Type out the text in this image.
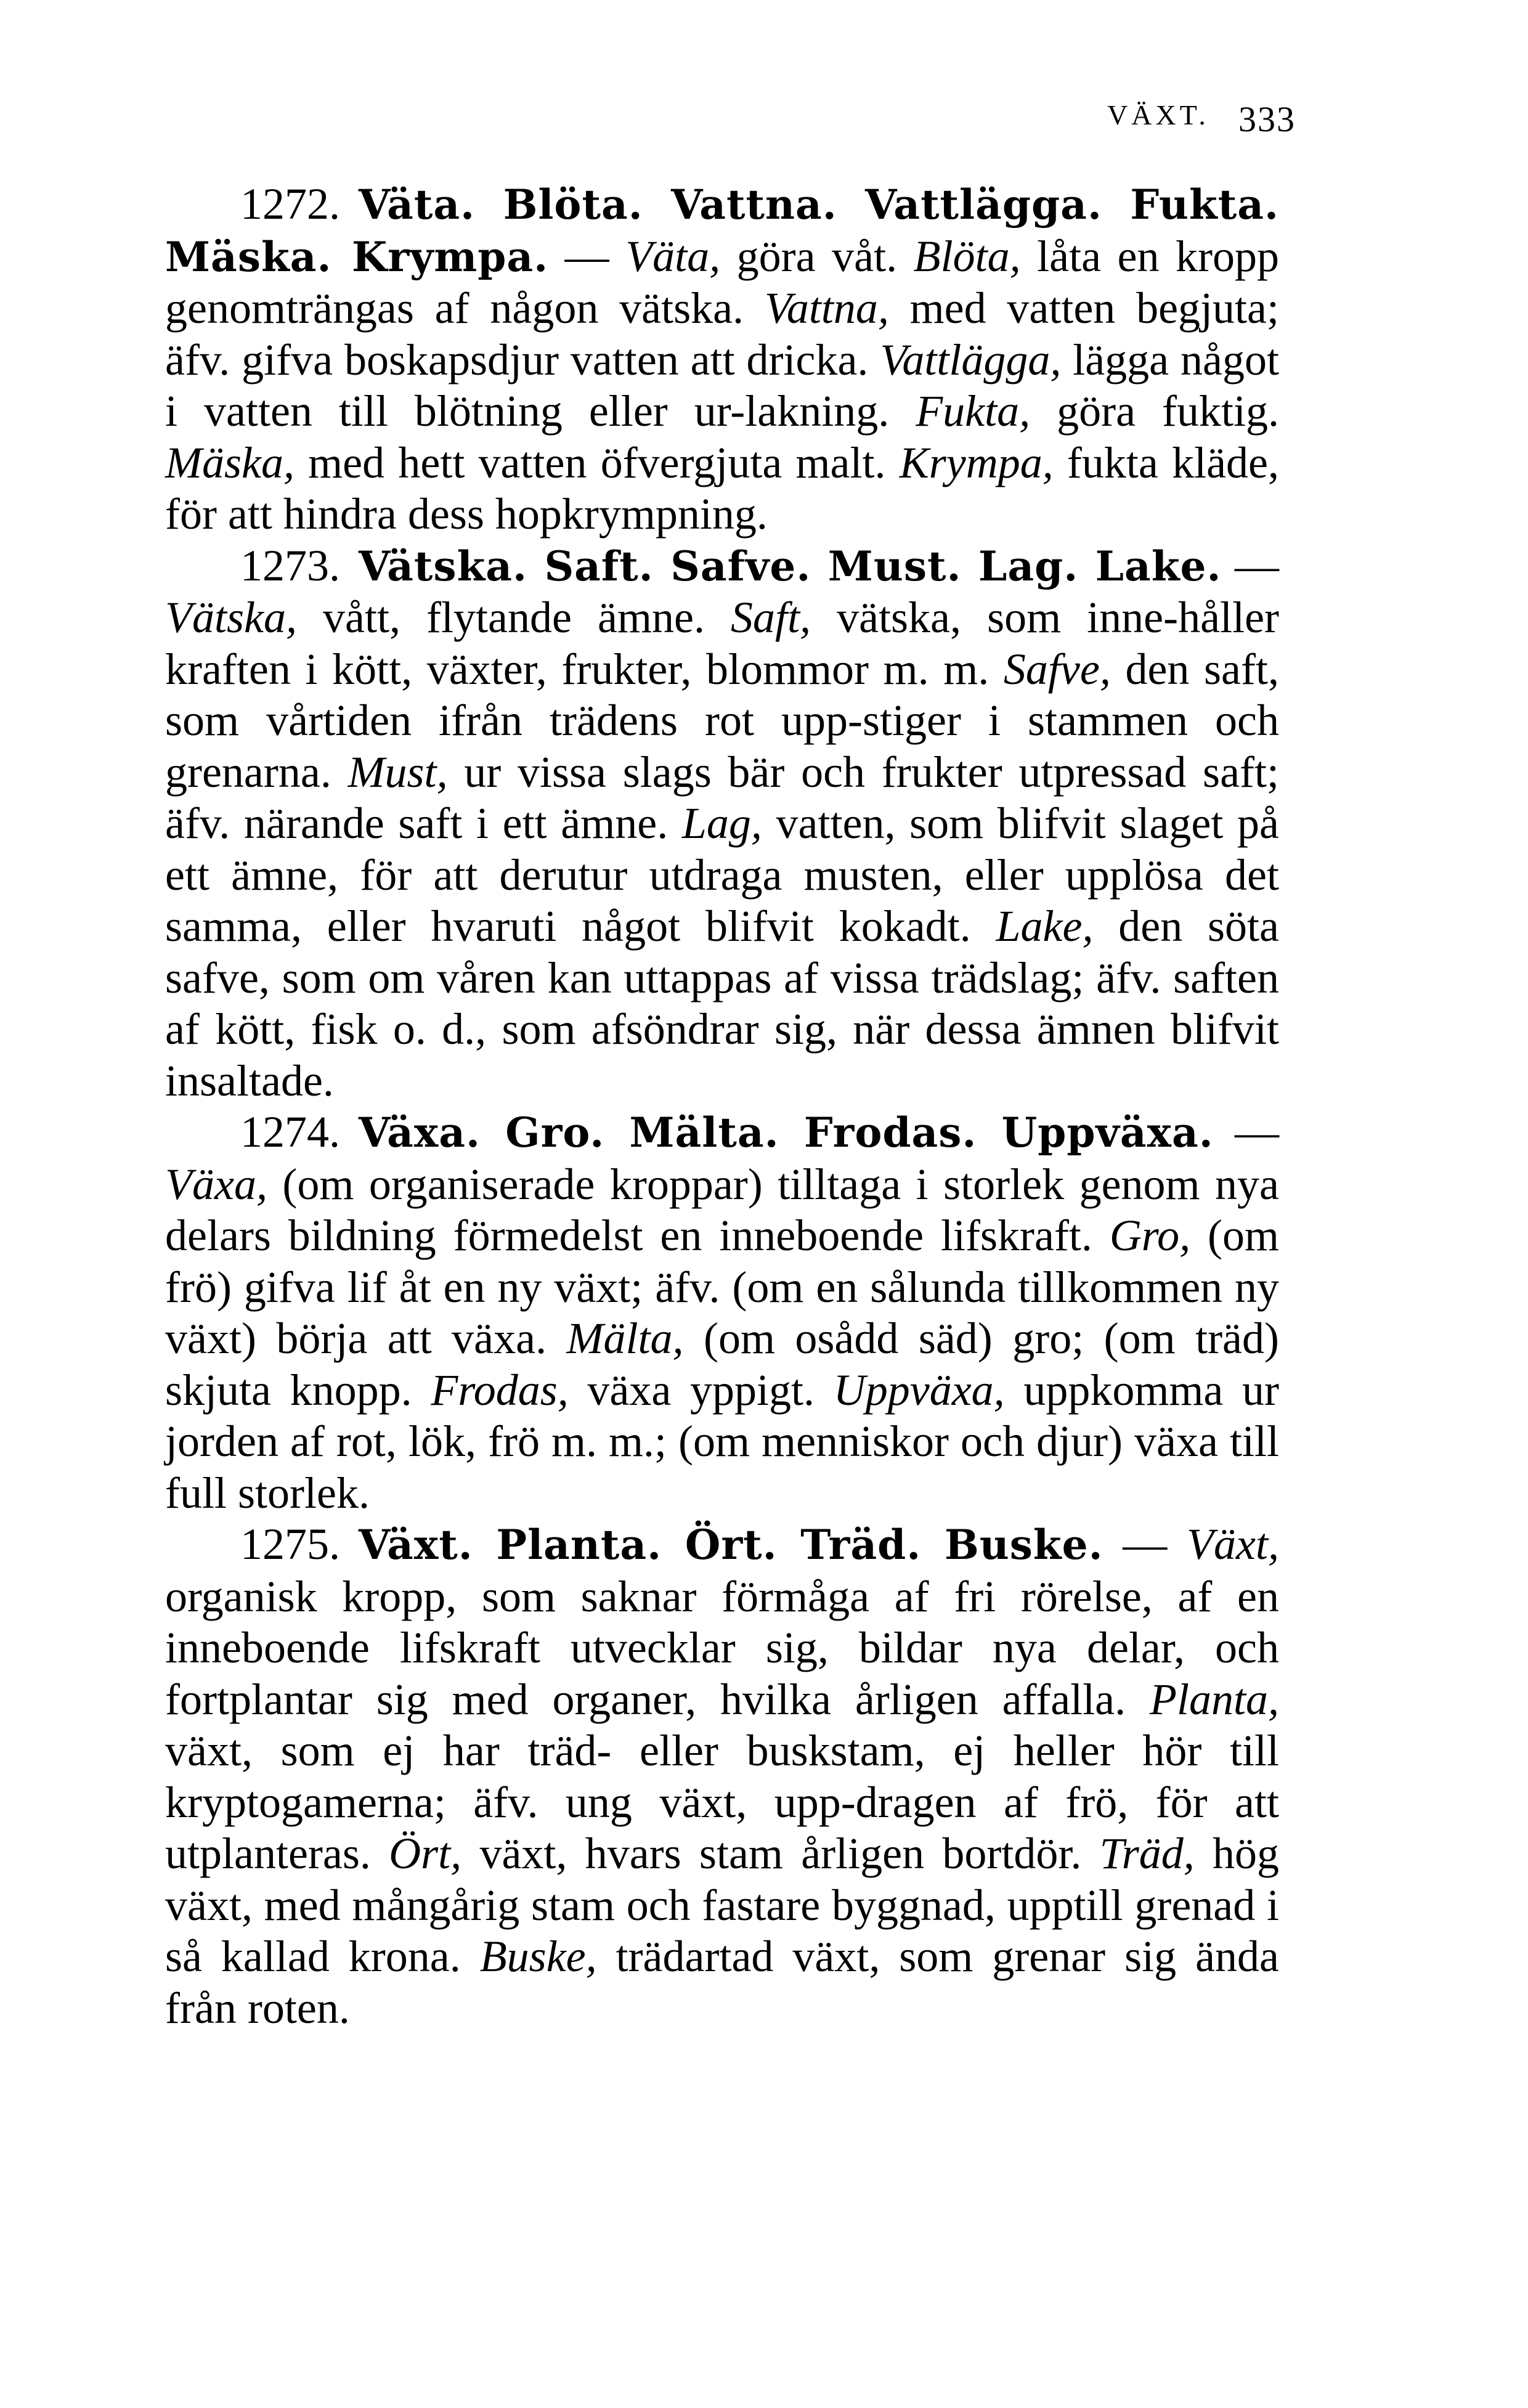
VÄXT. 333

1272. Väta. Blöta. Vattna. Vattlägga. Fukta. Mäska. Krympa. — Väta, göra våt. Blöta, låta en kropp genomträngas af någon vätska. Vattna, med vatten begjuta; äfv. gifva boskapsdjur vatten att dricka. Vattlägga, lägga något i vatten till blötning eller ur-lakning. Fukta, göra fuktig. Mäska, med hett vatten öfvergjuta malt. Krympa, fukta kläde, för att hindra dess hopkrympning.

1273. Vätska. Saft. Safve. Must. Lag. Lake. — Vätska, vått, flytande ämne. Saft, vätska, som inne-håller kraften i kött, växter, frukter, blommor m. m. Safve, den saft, som vårtiden ifrån trädens rot upp-stiger i stammen och grenarna. Must, ur vissa slags bär och frukter utpressad saft; äfv. närande saft i ett ämne. Lag, vatten, som blifvit slaget på ett ämne, för att derutur utdraga musten, eller upplösa det samma, eller hvaruti något blifvit kokadt. Lake, den söta safve, som om våren kan uttappas af vissa trädslag; äfv. saften af kött, fisk o. d., som afsöndrar sig, när dessa ämnen blifvit insaltade.

1274. Växa. Gro. Mälta. Frodas. Uppväxa. — Växa, (om organiserade kroppar) tilltaga i storlek genom nya delars bildning förmedelst en inneboende lifskraft. Gro, (om frö) gifva lif åt en ny växt; äfv. (om en sålunda tillkommen ny växt) börja att växa. Mälta, (om osådd säd) gro; (om träd) skjuta knopp. Frodas, växa yppigt. Uppväxa, uppkomma ur jorden af rot, lök, frö m. m.; (om menniskor och djur) växa till full storlek.

1275. Växt. Planta. Ört. Träd. Buske. — Växt, organisk kropp, som saknar förmåga af fri rörelse, af en inneboende lifskraft utvecklar sig, bildar nya delar, och fortplantar sig med organer, hvilka årligen affalla. Planta, växt, som ej har träd- eller buskstam, ej heller hör till kryptogamerna; äfv. ung växt, upp-dragen af frö, för att utplanteras. Ört, växt, hvars stam årligen bortdör. Träd, hög växt, med mångårig stam och fastare byggnad, upptill grenad i så kallad krona. Buske, trädartad växt, som grenar sig ända från roten.
